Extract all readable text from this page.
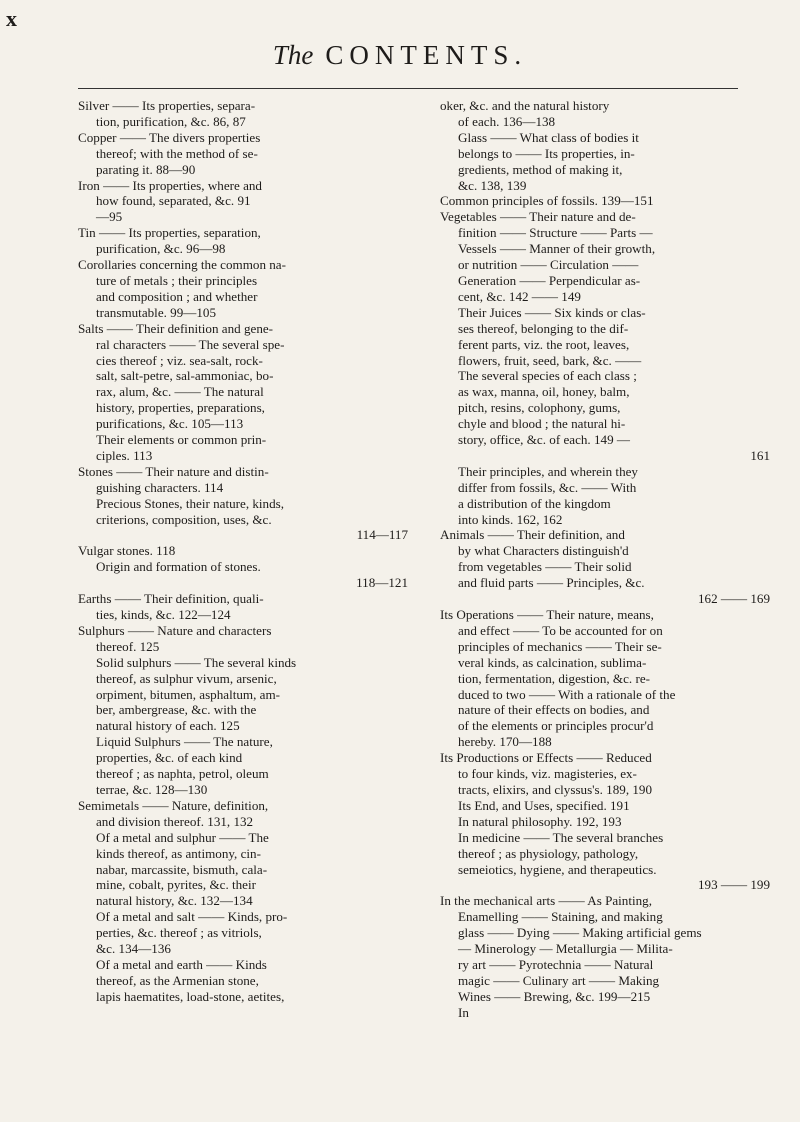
x
The CONTENTS.
Silver —— Its properties, separa-
tion, purification, &c. 86, 87
Copper —— The divers properties
thereof; with the method of se-
parating it. 88—90
Iron —— Its properties, where and
how found, separated, &c. 91
—95
Tin —— Its properties, separation,
purification, &c. 96—98
Corollaries concerning the common na-
ture of metals ; their principles
and composition ; and whether
transmutable. 99—105
Salts —— Their definition and gene-
ral characters —— The several spe-
cies thereof ; viz. sea-salt, rock-
salt, salt-petre, sal-ammoniac, bo-
rax, alum, &c. —— The natural
history, properties, preparations,
purifications, &c. 105—113
Their elements or common prin-
ciples. 113
Stones —— Their nature and distin-
guishing characters. 114
Precious Stones, their nature, kinds,
criterions, composition, uses, &c.
114—117
Vulgar stones. 118
Origin and formation of stones.
118—121
Earths —— Their definition, quali-
ties, kinds, &c. 122—124
Sulphurs —— Nature and characters
thereof. 125
Solid sulphurs —— The several kinds
thereof, as sulphur vivum, arsenic,
orpiment, bitumen, asphaltum, am-
ber, ambergrease, &c. with the
natural history of each. 125
Liquid Sulphurs —— The nature,
properties, &c. of each kind
thereof ; as naphta, petrol, oleum
terrae, &c. 128—130
Semimetals —— Nature, definition,
and division thereof. 131, 132
Of a metal and sulphur —— The
kinds thereof, as antimony, cin-
nabar, marcassite, bismuth, cala-
mine, cobalt, pyrites, &c. their
natural history, &c. 132—134
Of a metal and salt —— Kinds, pro-
perties, &c. thereof ; as vitriols,
&c. 134—136
Of a metal and earth —— Kinds
thereof, as the Armenian stone,
lapis haematites, load-stone, aetites,
oker, &c. and the natural history
of each. 136—138
Glass —— What class of bodies it
belongs to —— Its properties, in-
gredients, method of making it,
&c. 138, 139
Common principles of fossils. 139—151
Vegetables —— Their nature and de-
finition —— Structure —— Parts —
Vessels —— Manner of their growth,
or nutrition —— Circulation ——
Generation —— Perpendicular as-
cent, &c. 142 —— 149
Their Juices —— Six kinds or clas-
ses thereof, belonging to the dif-
ferent parts, viz. the root, leaves,
flowers, fruit, seed, bark, &c. ——
The several species of each class ;
as wax, manna, oil, honey, balm,
pitch, resins, colophony, gums,
chyle and blood ; the natural hi-
story, office, &c. of each. 149 —
161
Their principles, and wherein they
differ from fossils, &c. —— With
a distribution of the kingdom
into kinds. 162, 162
Animals —— Their definition, and
by what Characters distinguish'd
from vegetables —— Their solid
and fluid parts —— Principles, &c.
162 —— 169
Its Operations —— Their nature, means,
and effect —— To be accounted for on
principles of mechanics —— Their se-
veral kinds, as calcination, sublima-
tion, fermentation, digestion, &c. re-
duced to two —— With a rationale of the
nature of their effects on bodies, and
of the elements or principles procur'd
hereby. 170—188
Its Productions or Effects —— Reduced
to four kinds, viz. magisteries, ex-
tracts, elixirs, and clyssus's. 189, 190
Its End, and Uses, specified. 191
In natural philosophy. 192, 193
In medicine —— The several branches
thereof ; as physiology, pathology,
semeiotics, hygiene, and therapeutics.
193 —— 199
In the mechanical arts —— As Painting,
Enamelling —— Staining, and making
glass —— Dying —— Making artificial gems
— Minerology — Metallurgia — Milita-
ry art —— Pyrotechnia —— Natural
magic —— Culinary art —— Making
Wines —— Brewing, &c. 199—215
In
